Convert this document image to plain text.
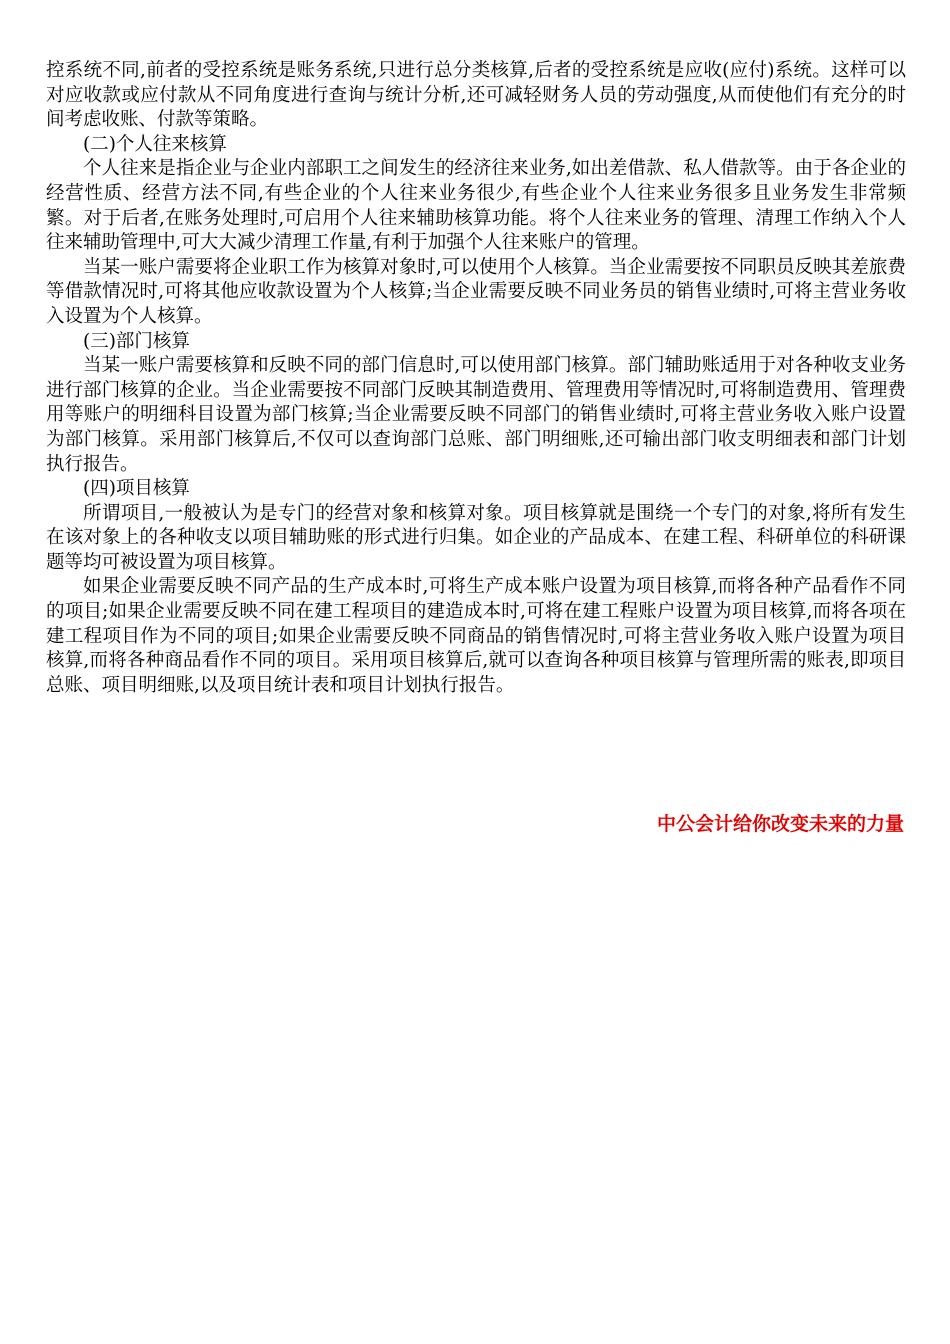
控系统不同,前者的受控系统是账务系统,只进行总分类核算,后者的受控系统是应收(应付)系统。这样可以对应收款或应付款从不同角度进行查询与统计分析,还可减轻财务人员的劳动强度,从而使他们有充分的时间考虑收账、付款等策略。

(二)个人往来核算

个人往来是指企业与企业内部职工之间发生的经济往来业务,如出差借款、私人借款等。由于各企业的经营性质、经营方法不同,有些企业的个人往来业务很少,有些企业个人往来业务很多且业务发生非常频繁。对于后者,在账务处理时,可启用个人往来辅助核算功能。将个人往来业务的管理、清理工作纳入个人往来辅助管理中,可大大减少清理工作量,有利于加强个人往来账户的管理。

当某一账户需要将企业职工作为核算对象时,可以使用个人核算。当企业需要按不同职员反映其差旅费等借款情况时,可将其他应收款设置为个人核算;当企业需要反映不同业务员的销售业绩时,可将主营业务收入设置为个人核算。

(三)部门核算

当某一账户需要核算和反映不同的部门信息时,可以使用部门核算。部门辅助账适用于对各种收支业务进行部门核算的企业。当企业需要按不同部门反映其制造费用、管理费用等情况时,可将制造费用、管理费用等账户的明细科目设置为部门核算;当企业需要反映不同部门的销售业绩时,可将主营业务收入账户设置为部门核算。采用部门核算后,不仅可以查询部门总账、部门明细账,还可输出部门收支明细表和部门计划执行报告。

(四)项目核算

所谓项目,一般被认为是专门的经营对象和核算对象。项目核算就是围绕一个专门的对象,将所有发生在该对象上的各种收支以项目辅助账的形式进行归集。如企业的产品成本、在建工程、科研单位的科研课题等均可被设置为项目核算。

如果企业需要反映不同产品的生产成本时,可将生产成本账户设置为项目核算,而将各种产品看作不同的项目;如果企业需要反映不同在建工程项目的建造成本时,可将在建工程账户设置为项目核算,而将各项在建工程项目作为不同的项目;如果企业需要反映不同商品的销售情况时,可将主营业务收入账户设置为项目核算,而将各种商品看作不同的项目。采用项目核算后,就可以查询各种项目核算与管理所需的账表,即项目总账、项目明细账,以及项目统计表和项目计划执行报告。

中公会计给你改变未来的力量
